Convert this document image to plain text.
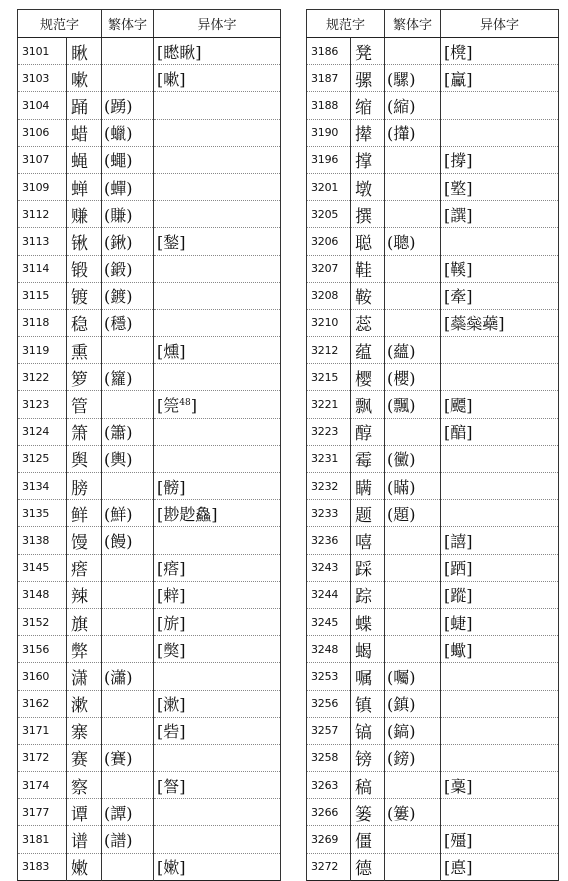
规范字		繁体字	异体字
3101	瞅		[矁瞅]
3103	嗽		[嗽]
3104	踊	(踴)	
3106	蜡	(蠟)	
3107	蝇	(蠅)	
3109	蝉	(蟬)	
3112	赚	(賺)	
3113	锹	(鍬)	[鍫]
3114	锻	(鍛)	
3115	镀	(鍍)	
3118	稳	(穩)	
3119	熏		[燻]
3122	箩	(籮)	
3123	管		[筦$^{48}$]
3124	箫	(簫)	
3125	舆	(輿)	
3134	膀		[髈]
3135	鲜	(鮮)	[尠尟鱻]
3138	馒	(饅)	
3145	瘩		[瘩]
3148	辣		[辢]
3152	旗		[旂]
3156	弊		[獘]
3160	潇	(瀟)	
3162	漱		[漱]
3171	寨		[砦]
3172	赛	(賽)	
3174	察		[詧]
3177	谭	(譚)	
3181	谱	(譜)	
3183	嫩		[嫰]
规范字		繁体字	异体字
3186	凳		[櫈]
3187	骡	(騾)	[驘]
3188	缩	(縮)	
3190	撵	(攆)	
3196	撑		[撐]
3201	墩		[墪]
3205	撰		[譔]
3206	聪	(聰)	
3207	鞋		[鞵]
3208	鞍		[牽]
3210	蕊		[蘂橤蘃]
3212	蕴	(蘊)	
3215	樱	(櫻)	
3221	飘	(飄)	[飃]
3223	醇		[醕]
3231	霉	(黴)	
3232	瞒	(瞞)	
3233	题	(題)	
3236	嘻		[譆]
3243	踩		[跴]
3244	踪		[蹤]
3245	蝶		[蜨]
3248	蝎		[蠍]
3253	嘱	(囑)	
3256	镇	(鎮)	
3257	镐	(鎬)	
3258	镑	(鎊)	
3263	稿		[稾]
3266	篓	(簍)	
3269	僵		[殭]
3272	德		[悳]
